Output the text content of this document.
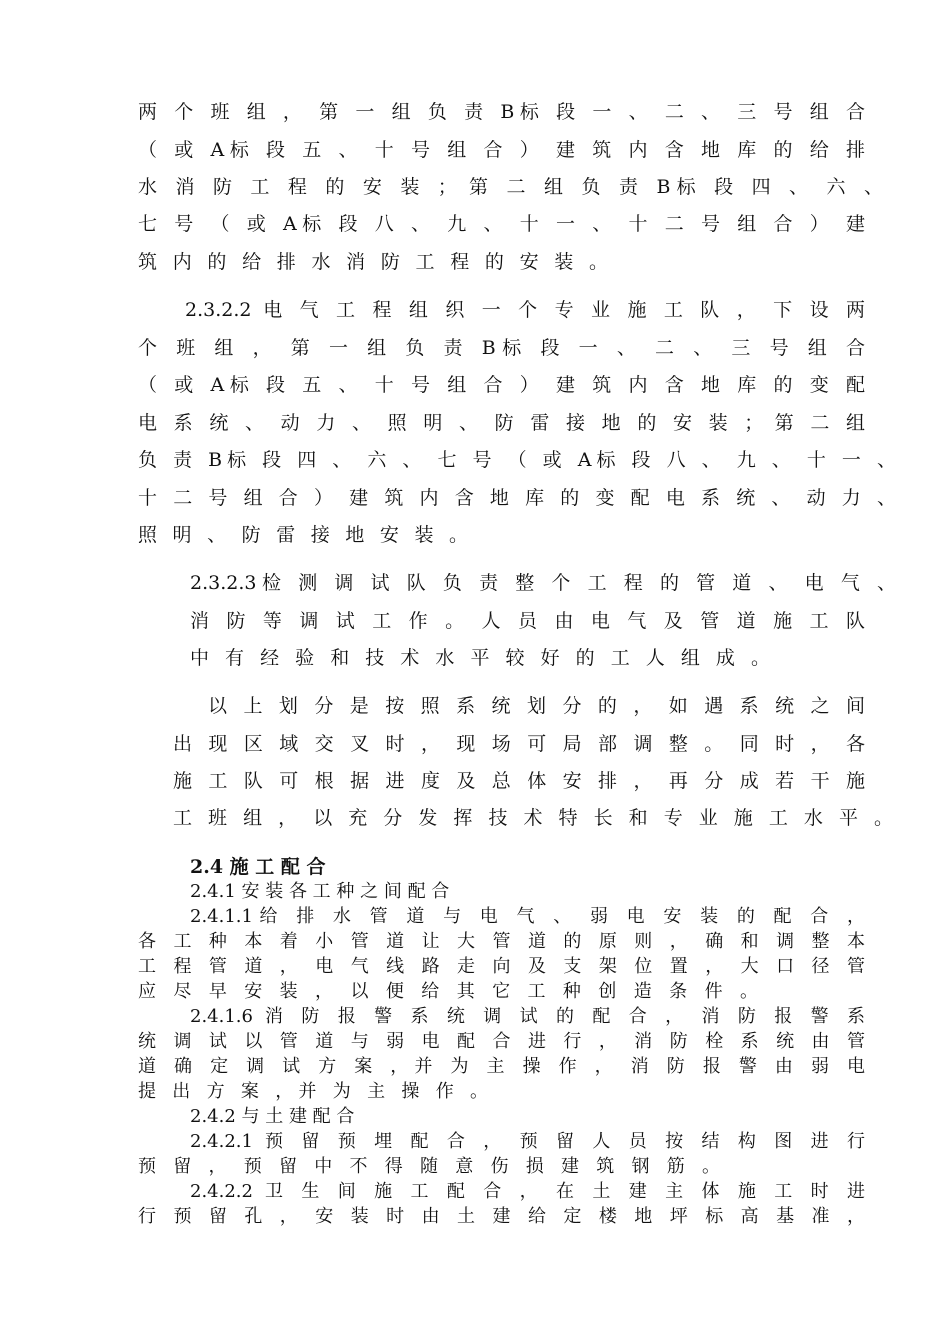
两 个 班 组 ， 第 一 组 负 责 B标 段 一 、 二 、 三 号 组 合
（ 或 A标 段 五 、 十 号 组 合 ） 建 筑 内 含 地 库 的 给 排
水 消 防 工 程 的 安 装 ； 第 二 组 负 责 B标 段 四 、 六 、
七 号 （ 或 A标 段 八 、 九 、 十 一 、 十 二 号 组 合 ） 建
筑 内 的 给 排 水 消 防 工 程 的 安 装 。
2.3.2.2 电 气 工 程 组 织 一 个 专 业 施 工 队 ， 下 设 两
个 班 组 ， 第 一 组 负 责 B标 段 一 、 二 、 三 号 组 合
（ 或 A标 段 五 、 十 号 组 合 ） 建 筑 内 含 地 库 的 变 配
电 系 统 、 动 力 、 照 明 、 防 雷 接 地 的 安 装 ； 第 二 组
负 责 B标 段 四 、 六 、 七 号 （ 或 A标 段 八 、 九 、 十 一 、
十 二 号 组 合 ） 建 筑 内 含 地 库 的 变 配 电 系 统 、 动 力 、
照 明 、 防 雷 接 地 安 装 。
2.3.2.3检 测 调 试 队 负 责 整 个 工 程 的 管 道 、 电 气 、
消 防 等 调 试 工 作 。 人 员 由 电 气 及 管 道 施 工 队
中 有 经 验 和 技 术 水 平 较 好 的 工 人 组 成 。
以 上 划 分 是 按 照 系 统 划 分 的 ， 如 遇 系 统 之 间
出 现 区 域 交 叉 时 ， 现 场 可 局 部 调 整 。 同 时 ， 各
施 工 队 可 根 据 进 度 及 总 体 安 排 ， 再 分 成 若 干 施
工 班 组 ， 以 充 分 发 挥 技 术 特 长 和 专 业 施 工 水 平 。
2.4 施 工 配 合
2.4.1 安 装 各 工 种 之 间 配 合
2.4.1.1给 排 水 管 道 与 电 气 、 弱 电 安 装 的 配 合 ，
各 工 种 本 着 小 管 道 让 大 管 道 的 原 则 ， 确 和 调 整 本
工 程 管 道 ， 电 气 线 路 走 向 及 支 架 位 置 ， 大 口 径 管
应 尽 早 安 装 ， 以 便 给 其 它 工 种 创 造 条 件 。
2.4.1.6 消 防 报 警 系 统 调 试 的 配 合 ， 消 防 报 警 系
统 调 试 以 管 道 与 弱 电 配 合 进 行 ， 消 防 栓 系 统 由 管
道 确 定 调 试 方 案 ，并 为 主 操 作 ， 消 防 报 警 由 弱 电
提 出 方 案 ，并 为 主 操 作 。
2.4.2 与 土 建 配 合
2.4.2.1 预 留 预 埋 配 合 ， 预 留 人 员 按 结 构 图 进 行
预 留 ， 预 留 中 不 得 随 意 伤 损 建 筑 钢 筋 。
2.4.2.2 卫 生 间 施 工 配 合 ， 在 土 建 主 体 施 工 时 进
行 预 留 孔 ， 安 装 时 由 土 建 给 定 楼 地 坪 标 高 基 准 ，
